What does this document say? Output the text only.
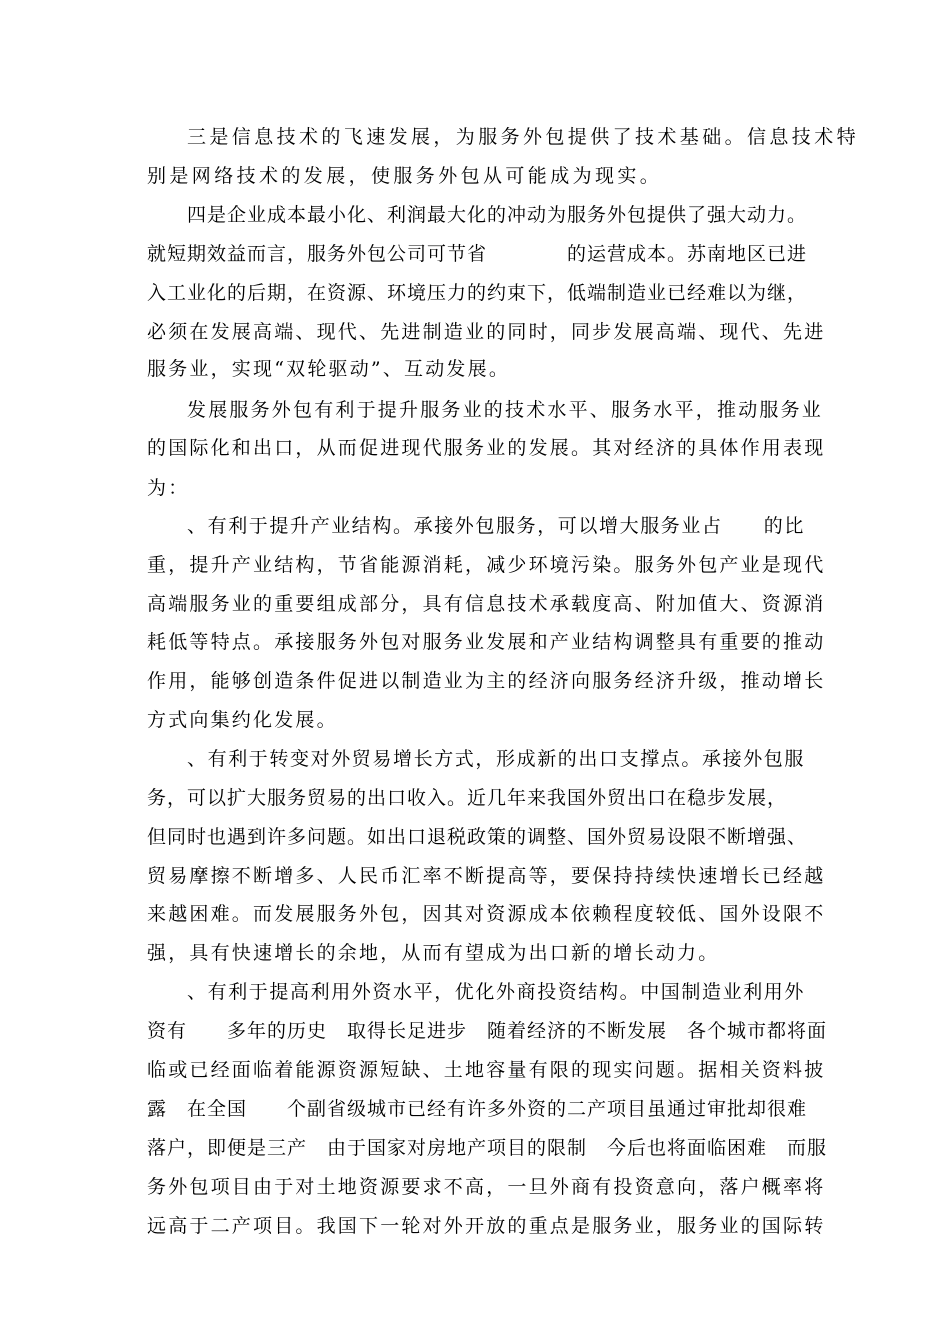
三是信息技术的飞速发展，为服务外包提供了技术基础。信息技术特

别是网络技术的发展，使服务外包从可能成为现实。

四是企业成本最小化、利润最大化的冲动为服务外包提供了强大动力。

就短期效益而言，服务外包公司可节省　　　　的运营成本。苏南地区已进

入工业化的后期，在资源、环境压力的约束下，低端制造业已经难以为继，

必须在发展高端、现代、先进制造业的同时，同步发展高端、现代、先进

服务业，实现“双轮驱动”、互动发展。

发展服务外包有利于提升服务业的技术水平、服务水平，推动服务业

的国际化和出口，从而促进现代服务业的发展。其对经济的具体作用表现

为：

、有利于提升产业结构。承接外包服务，可以增大服务业占　　的比

重，提升产业结构，节省能源消耗，减少环境污染。服务外包产业是现代

高端服务业的重要组成部分，具有信息技术承载度高、附加值大、资源消

耗低等特点。承接服务外包对服务业发展和产业结构调整具有重要的推动

作用，能够创造条件促进以制造业为主的经济向服务经济升级，推动增长

方式向集约化发展。

、有利于转变对外贸易增长方式，形成新的出口支撑点。承接外包服

务，可以扩大服务贸易的出口收入。近几年来我国外贸出口在稳步发展，

但同时也遇到许多问题。如出口退税政策的调整、国外贸易设限不断增强、

贸易摩擦不断增多、人民币汇率不断提高等，要保持持续快速增长已经越

来越困难。而发展服务外包，因其对资源成本依赖程度较低、国外设限不

强，具有快速增长的余地，从而有望成为出口新的增长动力。

、有利于提高利用外资水平，优化外商投资结构。中国制造业利用外

资有　　多年的历史　取得长足进步　随着经济的不断发展　各个城市都将面

临或已经面临着能源资源短缺、土地容量有限的现实问题。据相关资料披

露　在全国　　个副省级城市已经有许多外资的二产项目虽通过审批却很难

落户，即便是三产　由于国家对房地产项目的限制　今后也将面临困难　而服

务外包项目由于对土地资源要求不高，一旦外商有投资意向，落户概率将

远高于二产项目。我国下一轮对外开放的重点是服务业，服务业的国际转
